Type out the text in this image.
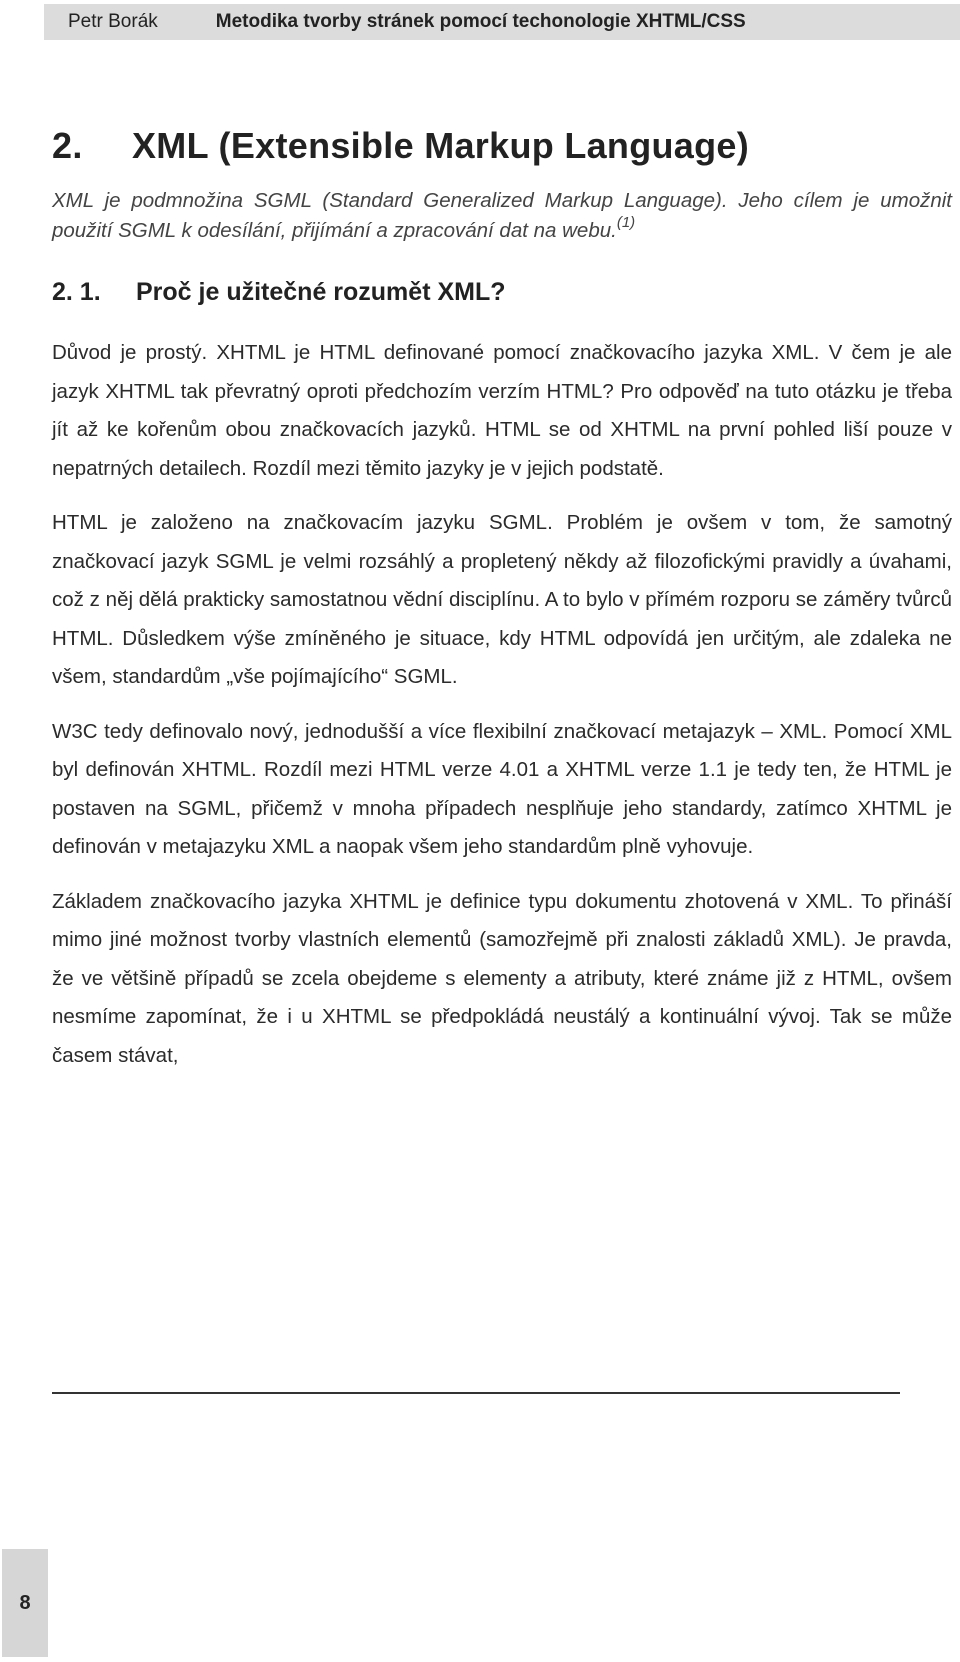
Petr Borák	Metodika tvorby stránek pomocí techonologie XHTML/CSS
2. XML (Extensible Markup Language)
XML je podmnožina SGML (Standard Generalized Markup Language). Jeho cílem je umožnit použití SGML k odesílání, přijímání a zpracování dat na webu.$^{(1)}$
2. 1. Proč je užitečné rozumět XML?

Důvod je prostý. XHTML je HTML definované pomocí značkovacího jazyka XML. V čem je ale jazyk XHTML tak převratný oproti předchozím verzím HTML? Pro odpověď na tuto otázku je třeba jít až ke kořenům obou značkovacích jazyků. HTML se od XHTML na první pohled liší pouze v nepatrných detailech. Rozdíl mezi těmito jazyky je v jejich podstatě.

HTML je založeno na značkovacím jazyku SGML. Problém je ovšem v tom, že samotný značkovací jazyk SGML je velmi rozsáhlý a propletený někdy až filozofickými pravidly a úvahami, což z něj dělá prakticky samostatnou vědní disciplínu. A to bylo v přímém rozporu se záměry tvůrců HTML. Důsledkem výše zmíněného je situace, kdy HTML odpovídá jen určitým, ale zdaleka ne všem, standardům „vše pojímajícího“ SGML.

W3C tedy definovalo nový, jednodušší a více flexibilní značkovací metajazyk – XML. Pomocí XML byl definován XHTML. Rozdíl mezi HTML verze 4.01 a XHTML verze 1.1 je tedy ten, že HTML je postaven na SGML, přičemž v mnoha případech nesplňuje jeho standardy, zatímco XHTML je definován v metajazyku XML a naopak všem jeho standardům plně vyhovuje.

Základem značkovacího jazyka XHTML je definice typu dokumentu zhotovená v XML. To přináší mimo jiné možnost tvorby vlastních elementů (samozřejmě při znalosti základů XML). Je pravda, že ve většině případů se zcela obejdeme s elementy a atributy, které známe již z HTML, ovšem nesmíme zapomínat, že i u XHTML se předpokládá neustálý a kontinuální vývoj. Tak se může časem stávat,

8
